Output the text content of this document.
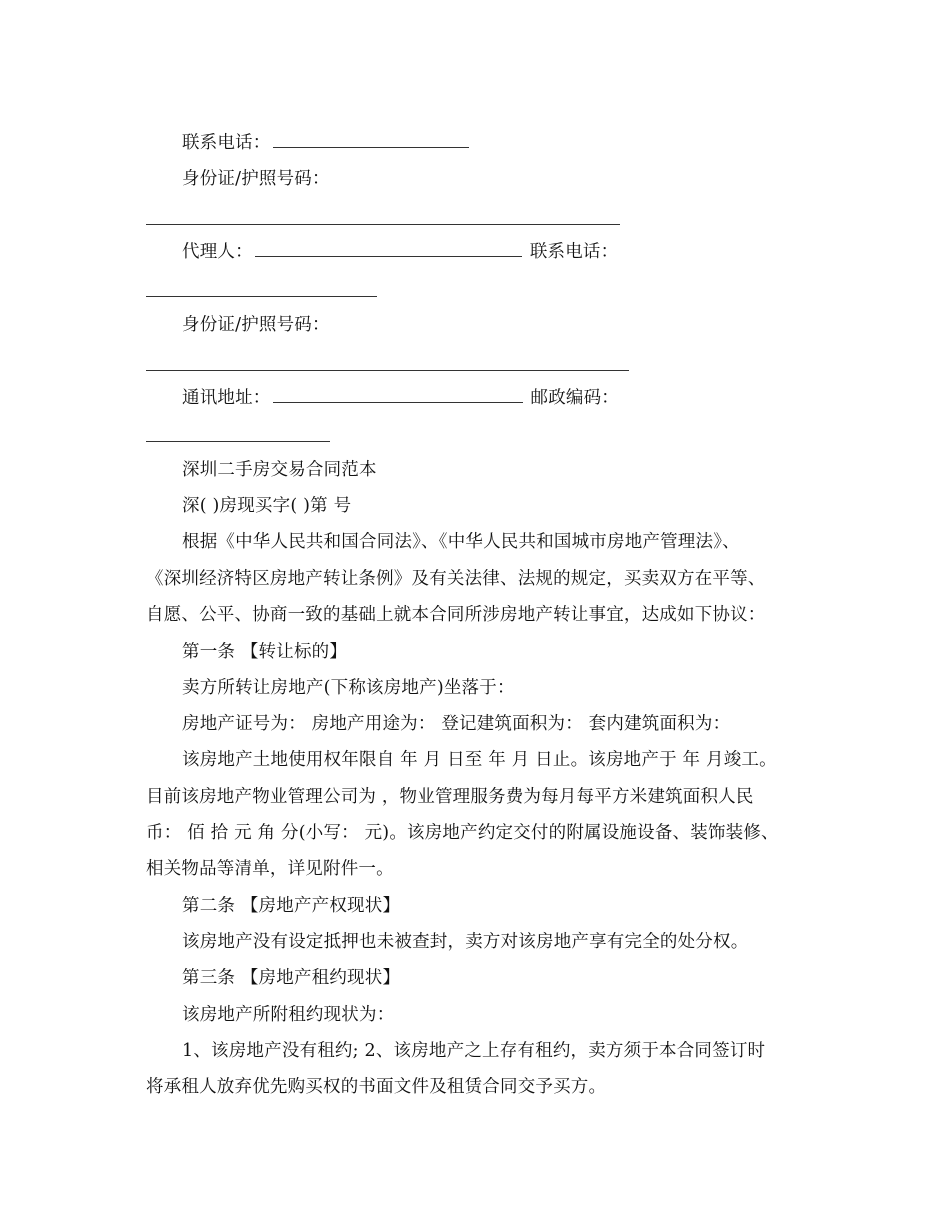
联系电话：
身份证/护照号码：
代理人：	联系电话：
身份证/护照号码：
通讯地址：	邮政编码：
深圳二手房交易合同范本
深( )房现买字( )第 号
根据《中华人民共和国合同法》、《中华人民共和国城市房地产管理法》、
《深圳经济特区房地产转让条例》及有关法律、法规的规定，买卖双方在平等、
自愿、公平、协商一致的基础上就本合同所涉房地产转让事宜，达成如下协议：
第一条 【转让标的】
卖方所转让房地产(下称该房地产)坐落于：
房地产证号为： 房地产用途为： 登记建筑面积为： 套内建筑面积为：
该房地产土地使用权年限自 年 月 日至 年 月 日止。该房地产于 年 月竣工。
目前该房地产物业管理公司为 ，物业管理服务费为每月每平方米建筑面积人民
币： 佰 拾 元 角 分(小写： 元)。该房地产约定交付的附属设施设备、装饰装修、
相关物品等清单，详见附件一。
第二条 【房地产产权现状】
该房地产没有设定抵押也未被查封，卖方对该房地产享有完全的处分权。
第三条 【房地产租约现状】
该房地产所附租约现状为：
1、该房地产没有租约; 2、该房地产之上存有租约，卖方须于本合同签订时
将承租人放弃优先购买权的书面文件及租赁合同交予买方。
